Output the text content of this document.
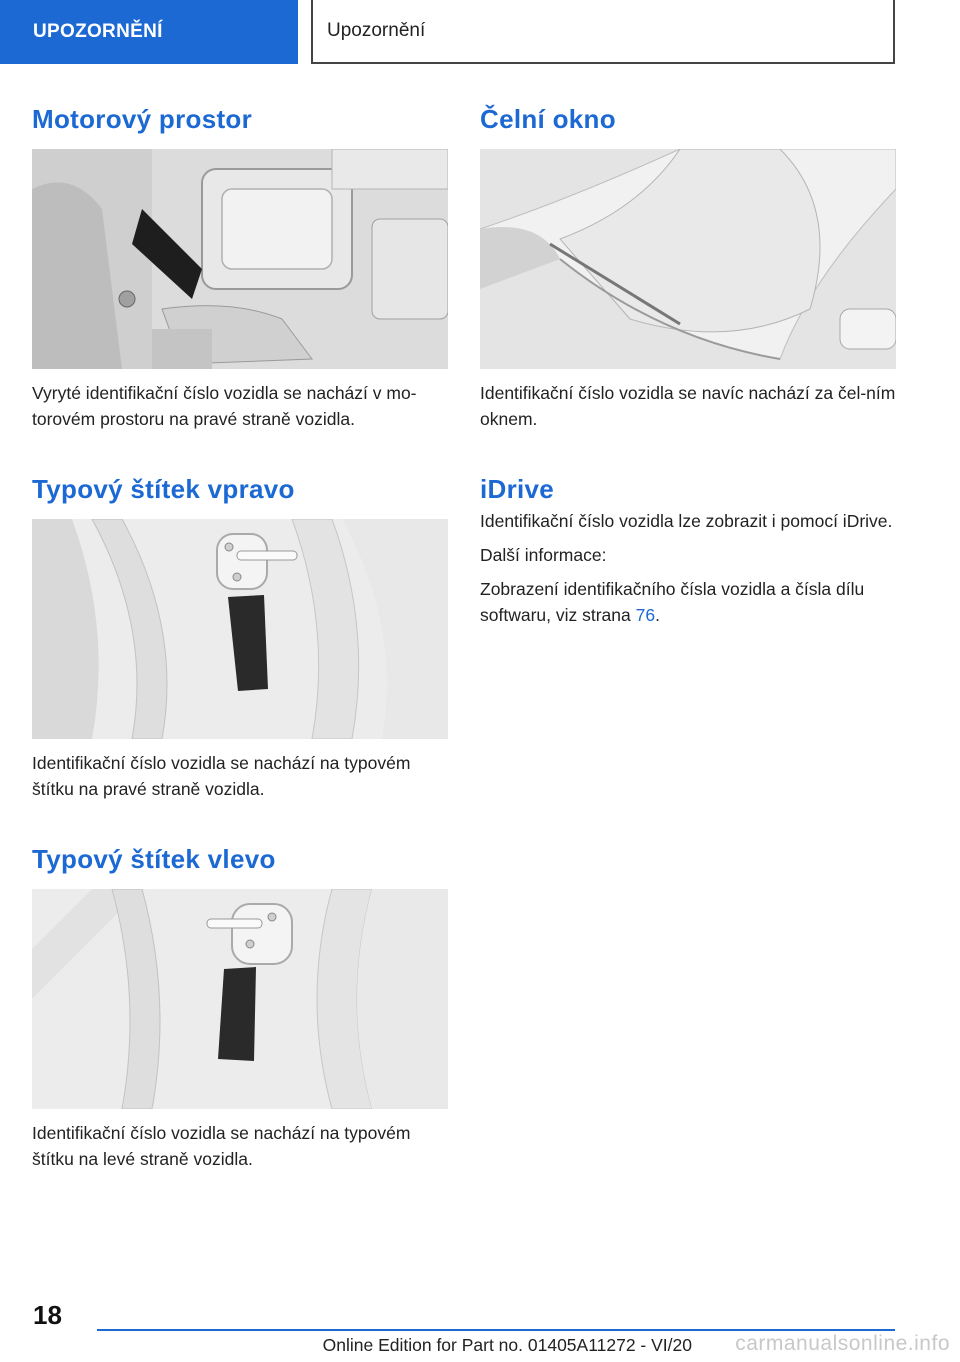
UPOZORNĚNÍ	Upozornění
Motorový prostor

Vyryté identifikační číslo vozidla se nachází v mo-torovém prostoru na pravé straně vozidla.

Typový štítek vpravo

Identifikační číslo vozidla se nachází na typovém štítku na pravé straně vozidla.

Typový štítek vlevo

Identifikační číslo vozidla se nachází na typovém štítku na levé straně vozidla.

Čelní okno

Identifikační číslo vozidla se navíc nachází za čel-ním oknem.

iDrive

Identifikační číslo vozidla lze zobrazit i pomocí iDrive.

Další informace:

Zobrazení identifikačního čísla vozidla a čísla dílu softwaru, viz strana 76.

18
Online Edition for Part no. 01405A11272 - VI/20 carmanualsonline.info
